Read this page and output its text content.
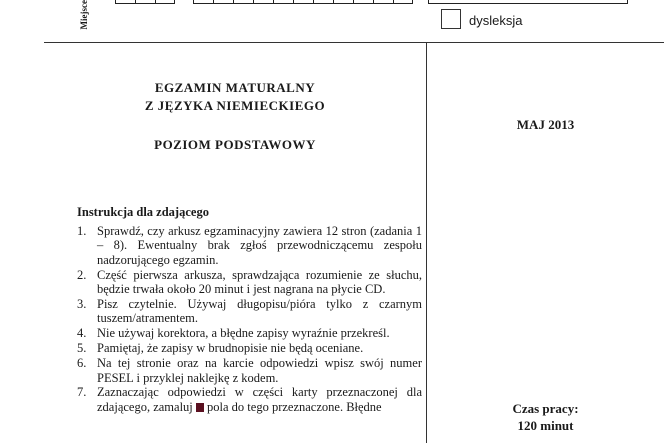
Miejsce	dysleksja
EGZAMIN MATURALNY
Z JĘZYKA NIEMIECKIEGO
POZIOM PODSTAWOWY
Instrukcja dla zdającego
1. Sprawdź, czy arkusz egzaminacyjny zawiera 12 stron (zadania 1 – 8). Ewentualny brak zgłoś przewodniczącemu zespołu nadzorującego egzamin.
2. Część pierwsza arkusza, sprawdzająca rozumienie ze słuchu, będzie trwała około 20 minut i jest nagrana na płycie CD.
3. Pisz czytelnie. Używaj długopisu/pióra tylko z czarnym tuszem/atramentem.
4. Nie używaj korektora, a błędne zapisy wyraźnie przekreśl.
5. Pamiętaj, że zapisy w brudnopisie nie będą oceniane.
6. Na tej stronie oraz na karcie odpowiedzi wpisz swój numer PESEL i przyklej naklejkę z kodem.
7. Zaznaczając odpowiedzi w części karty przeznaczonej dla zdającego, zamaluj pola do tego przeznaczone. Błędne
MAJ 2013
Czas pracy:
120 minut
